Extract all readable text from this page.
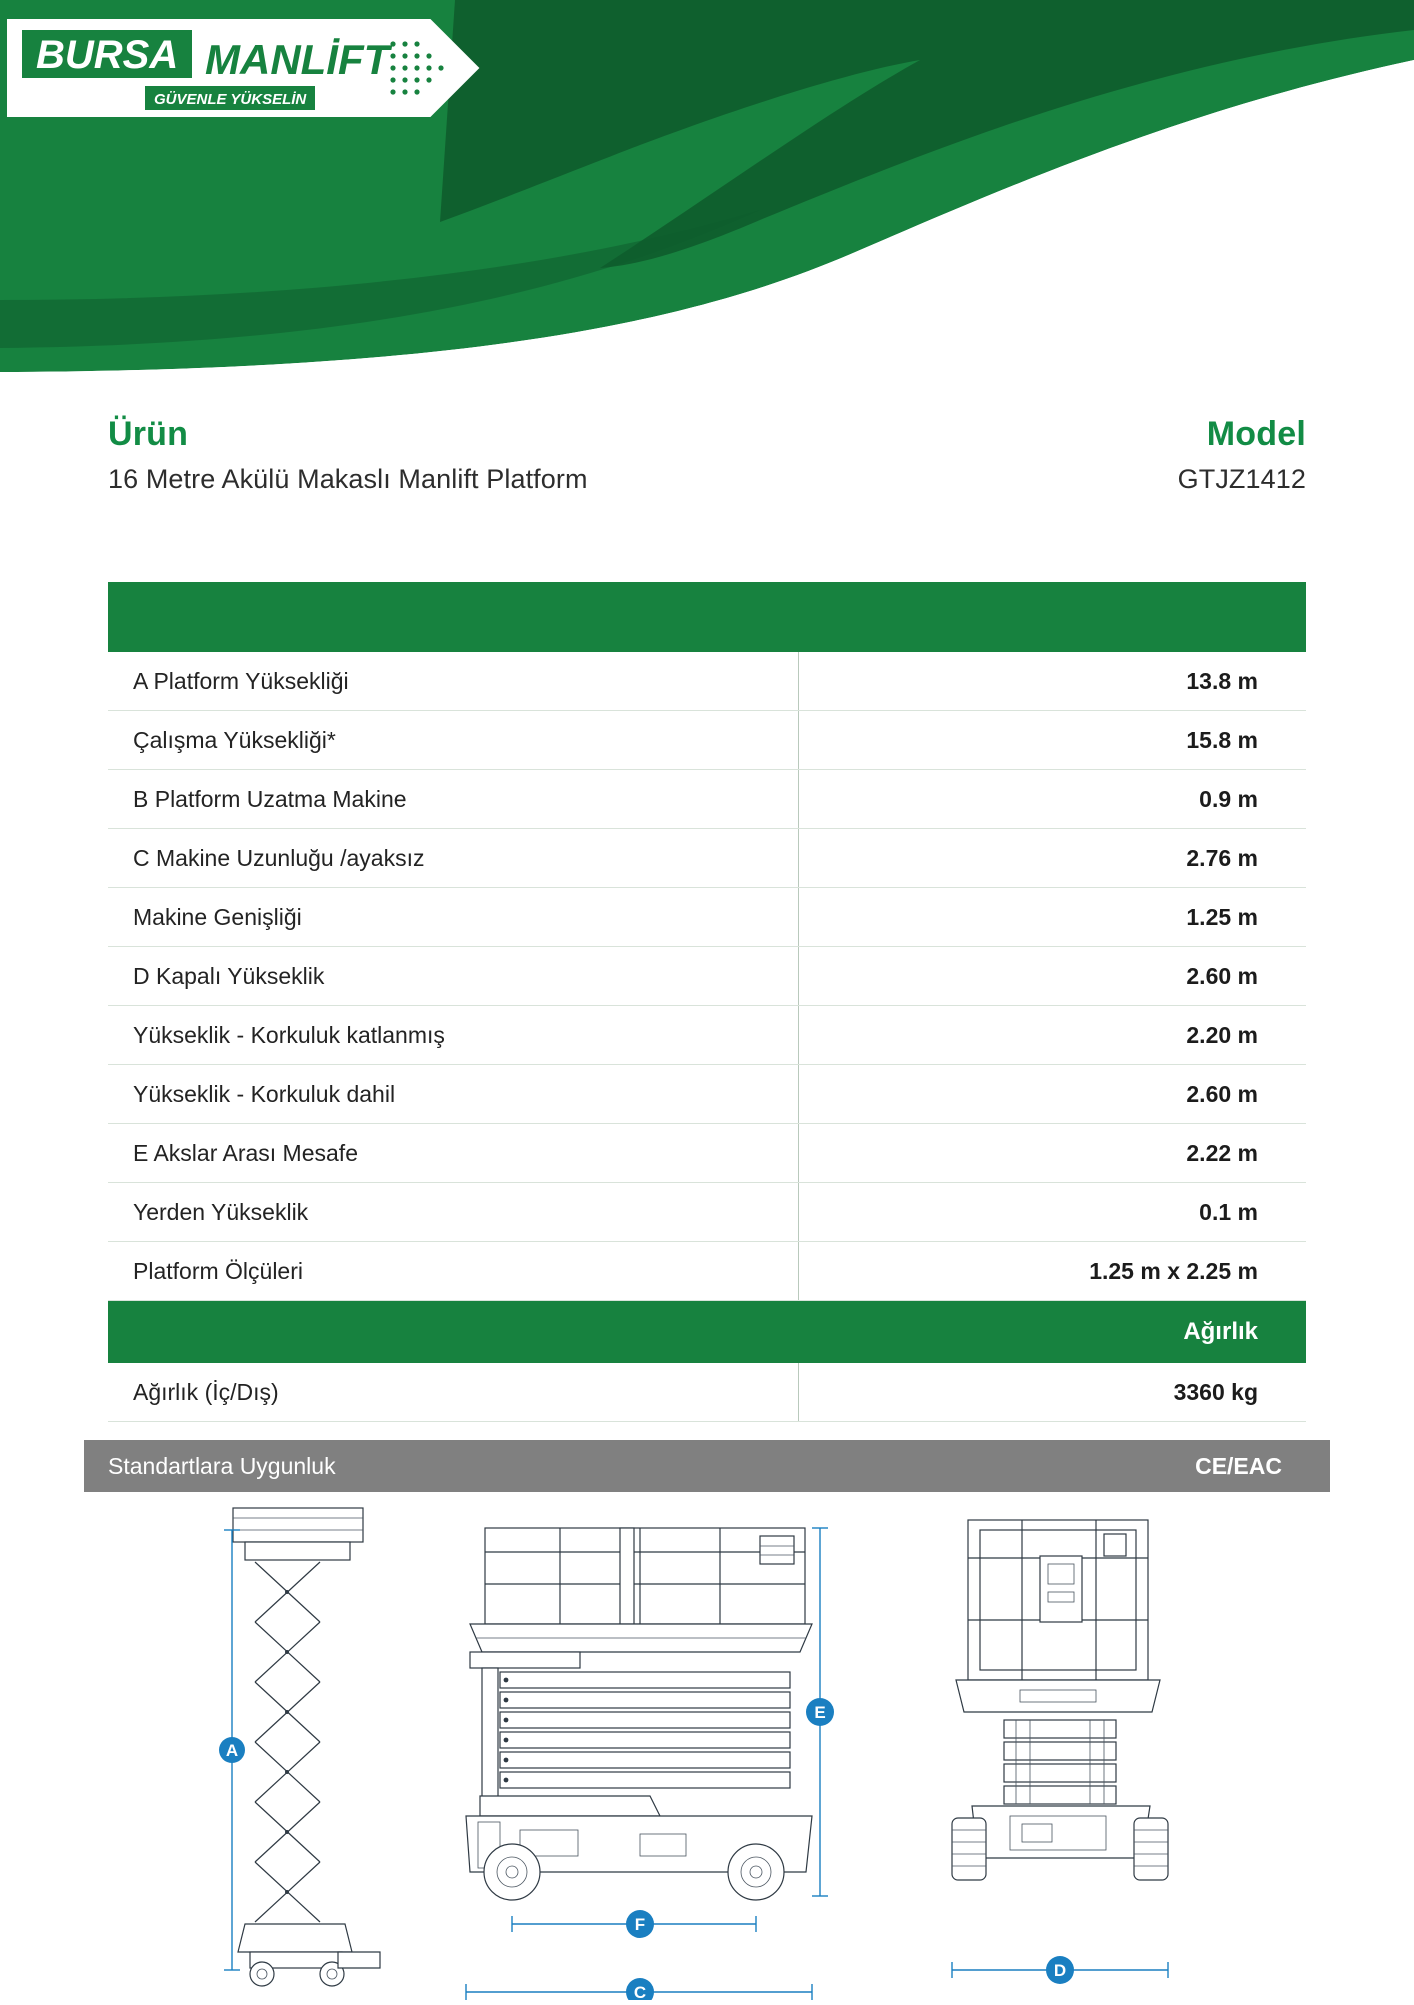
BURSA MANLİFT
GÜVENLE YÜKSELİN
Ürün
16 Metre Akülü Makaslı Manlift Platform
Model
GTJZ1412
A Platform Yüksekliği	13.8 m
Çalışma Yüksekliği*	15.8 m
B Platform Uzatma Makine	0.9 m
C Makine Uzunluğu /ayaksız	2.76 m
Makine Genişliği	1.25 m
D Kapalı Yükseklik	2.60 m
Yükseklik - Korkuluk katlanmış	2.20 m
Yükseklik - Korkuluk dahil	2.60 m
E Akslar Arası Mesafe	2.22 m
Yerden Yükseklik	0.1 m
Platform Ölçüleri	1.25 m x 2.25 m
Ağırlık
Ağırlık (İç/Dış)	3360 kg
Standartlara Uygunluk	CE/EAC
A
E
F
C
D
